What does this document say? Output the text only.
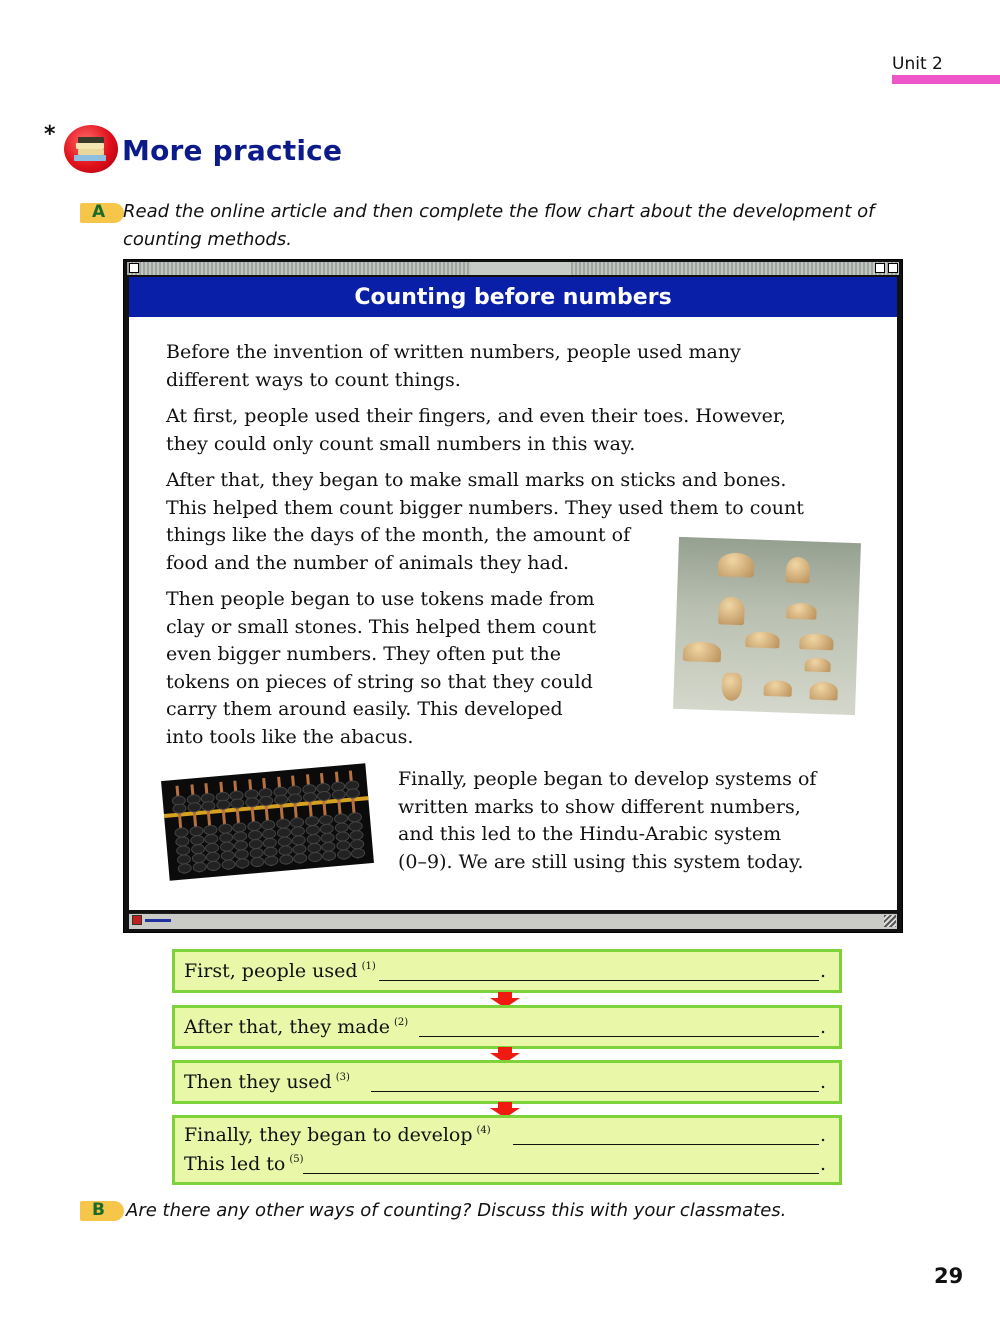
Unit 2
* More practice
A Read the online article and then complete the flow chart about the development of
counting methods.
Counting before numbers
Before the invention of written numbers, people used many
different ways to count things.
At first, people used their fingers, and even their toes. However,
they could only count small numbers in this way.
After that, they began to make small marks on sticks and bones.
This helped them count bigger numbers. They used them to count
things like the days of the month, the amount of
food and the number of animals they had.
Then people began to use tokens made from
clay or small stones. This helped them count
even bigger numbers. They often put the
tokens on pieces of string so that they could
carry them around easily. This developed
into tools like the abacus.
Finally, people began to develop systems of
written marks to show different numbers,
and this led to the Hindu-Arabic system
(0–9). We are still using this system today.
First, people used $^{(1)}$	.
After that, they made $^{(2)}$	.
Then they used $^{(3)}$	.
Finally, they began to develop $^{(4)}$	.
This led to $^{(5)}$	.
B Are there any other ways of counting? Discuss this with your classmates.
29
